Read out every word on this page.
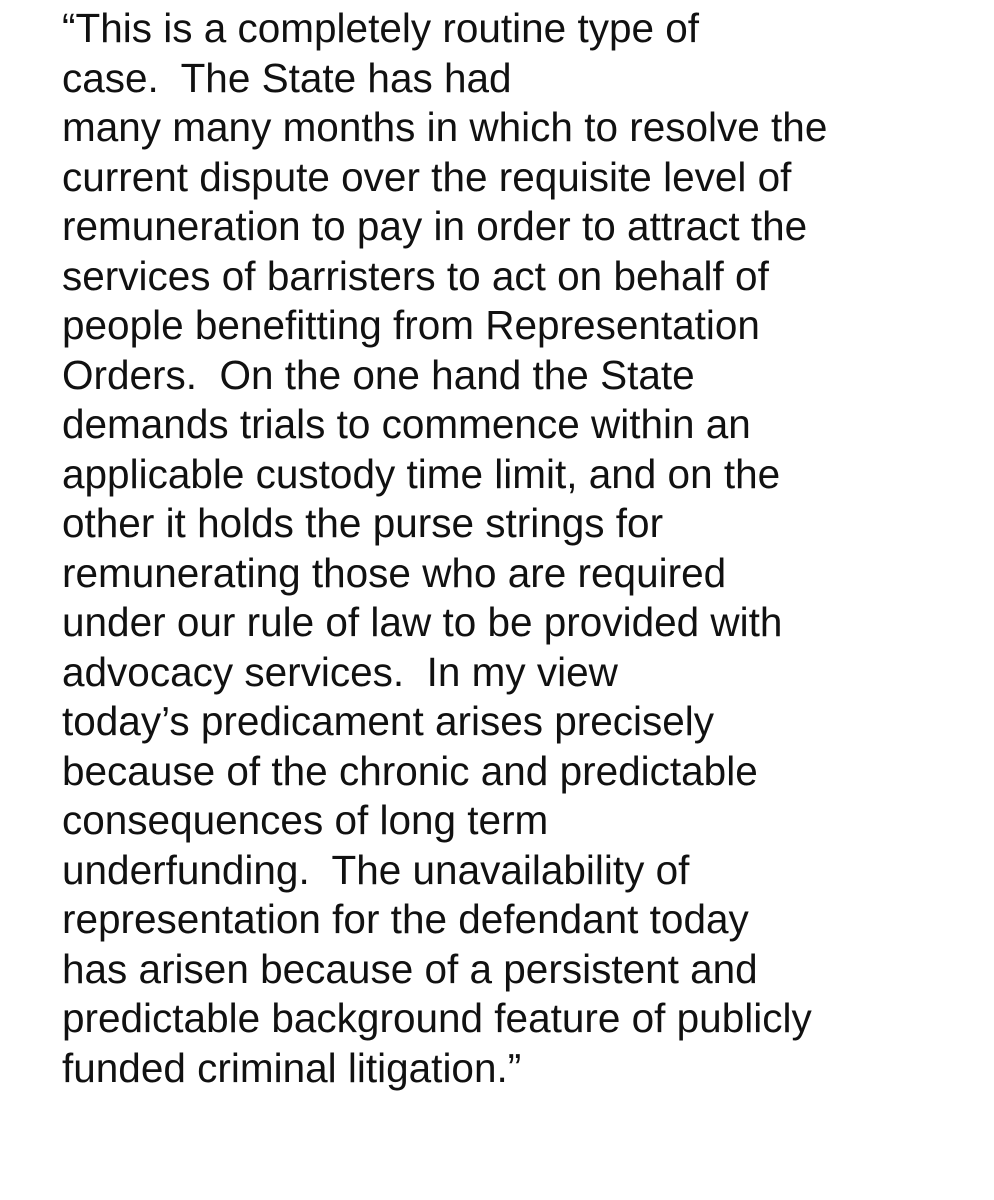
“This is a completely routine type of
case.  The State has had
many many months in which to resolve the
current dispute over the requisite level of
remuneration to pay in order to attract the
services of barristers to act on behalf of
people benefitting from Representation
Orders.  On the one hand the State
demands trials to commence within an
applicable custody time limit, and on the
other it holds the purse strings for
remunerating those who are required
under our rule of law to be provided with
advocacy services.  In my view
today’s predicament arises precisely
because of the chronic and predictable
consequences of long term
underfunding.  The unavailability of
representation for the defendant today
has arisen because of a persistent and
predictable background feature of publicly
funded criminal litigation.”
